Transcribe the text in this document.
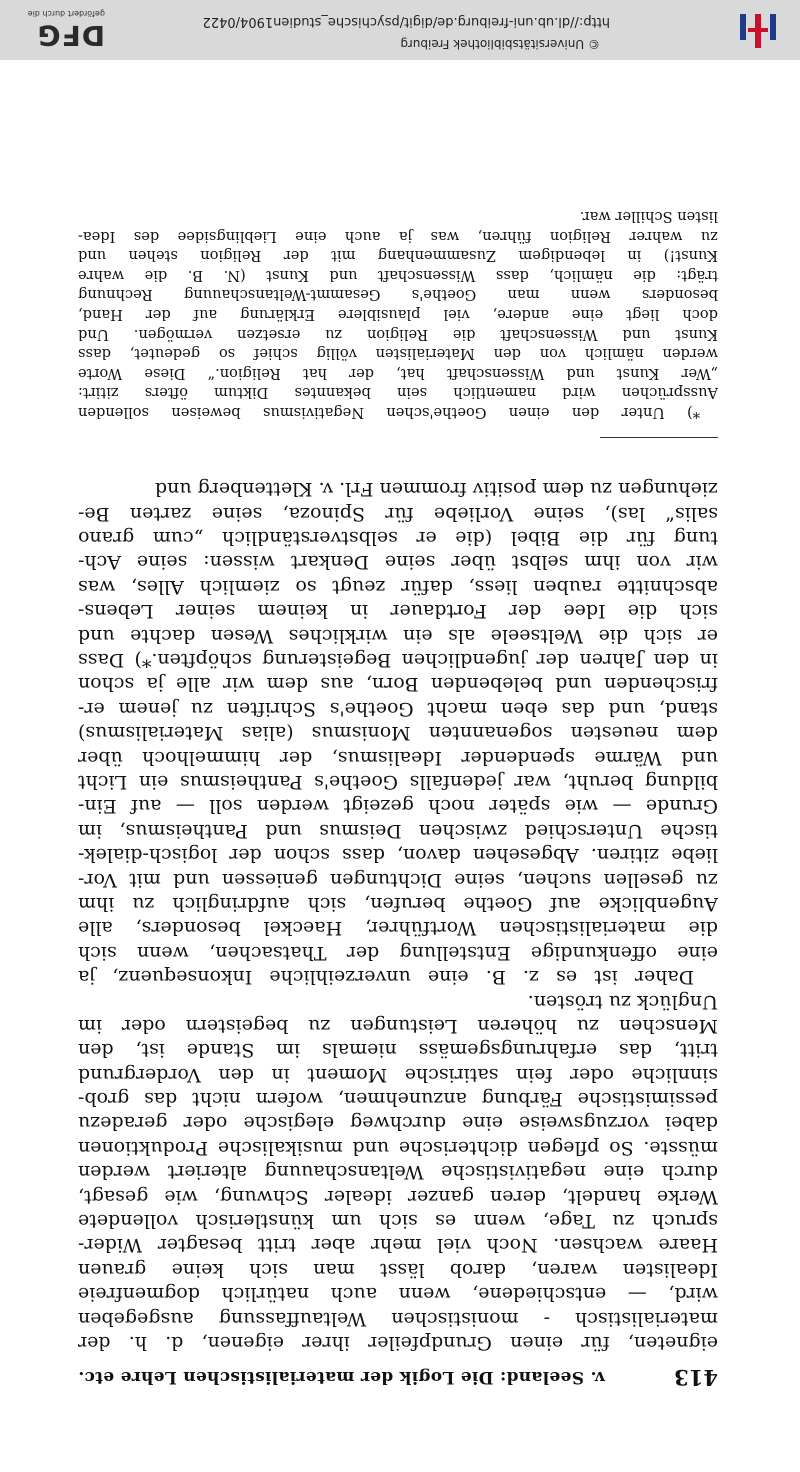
413
v. Seeland: Die Logik der materialistischen Lehre etc.
eigneten, für einen Grundpfeiler ihrer eigenen, d. h. der
materialistisch - monistischen Weltauffassung ausgegeben
wird, — entschiedene, wenn auch natürlich dogmenfreie
Idealisten waren, darob lässt man sich keine grauen
Haare wachsen. Noch viel mehr aber tritt besagter Wider-
spruch zu Tage, wenn es sich um künstlerisch vollendete
Werke handelt, deren ganzer idealer Schwung, wie gesagt,
durch eine negativistische Weltanschauung alteriert werden
müsste. So pflegen dichterische und musikalische Produktionen
dabei vorzugsweise eine durchweg elegische oder geradezu
pessimistische Färbung anzunehmen, wofern nicht das grob-
sinnliche oder fein satirische Moment in den Vordergrund
tritt, das erfahrungsgemäss niemals im Stande ist, den
Menschen zu höheren Leistungen zu begeistern oder im
Unglück zu trösten.
Daher ist es z. B. eine unverzeihliche Inkonsequenz, ja
eine offenkundige Entstellung der Thatsachen, wenn sich
die materialistischen Wortführer, Haeckel besonders, alle
Augenblicke auf Goethe berufen, sich aufdringlich zu ihm
zu gesellen suchen, seine Dichtungen geniessen und mit Vor-
liebe zitiren. Abgesehen davon, dass schon der logisch-dialek-
tische Unterschied zwischen Deismus und Pantheismus, im
Grunde — wie später noch gezeigt werden soll — auf Ein-
bildung beruht, war jedenfalls Goethe's Pantheismus ein Licht
und Wärme spendender Idealismus, der himmelhoch über
dem neuesten sogenannten Monismus (alias Materialismus)
stand, und das eben macht Goethe's Schriften zu jenem er-
frischenden und belebenden Born, aus dem wir alle ja schon
in den Jahren der jugendlichen Begeisterung schöpften.*) Dass
er sich die Weltseele als ein wirkliches Wesen dachte und
sich die Idee der Fortdauer in keinem seiner Lebens-
abschnitte rauben liess, dafür zeugt so ziemlich Alles, was
wir von ihm selbst über seine Denkart wissen: seine Ach-
tung für die Bibel (die er selbstverständlich „cum grano
salis“ las), seine Vorliebe für Spinoza, seine zarten Be-
ziehungen zu dem positiv frommen Frl. v. Klettenberg und
*) Unter den einen Goethe'schen Negativismus beweisen sollenden
Aussprüchen wird namentlich sein bekanntes Diktum öfters zitirt:
„Wer Kunst und Wissenschaft hat, der hat Religion.“ Diese Worte
werden nämlich von den Materialisten völlig schief so gedeutet, dass
Kunst und Wissenschaft die Religion zu ersetzen vermögen. Und
doch liegt eine andere, viel plausiblere Erklärung auf der Hand,
besonders wenn man Goethe's Gesammt-Weltanschauung Rechnung
trägt: die nämlich, dass Wissenschaft und Kunst (N. B. die wahre
Kunst!) in lebendigem Zusammenhang mit der Religion stehen und
zu wahrer Religion führen, was ja auch eine Lieblingsidee des Idea-
listen Schiller war.
http://dl.ub.uni-freiburg.de/digit/psychische_studien1904/0422
© Universitätsbibliothek Freiburg
DFG
gefördert durch die
